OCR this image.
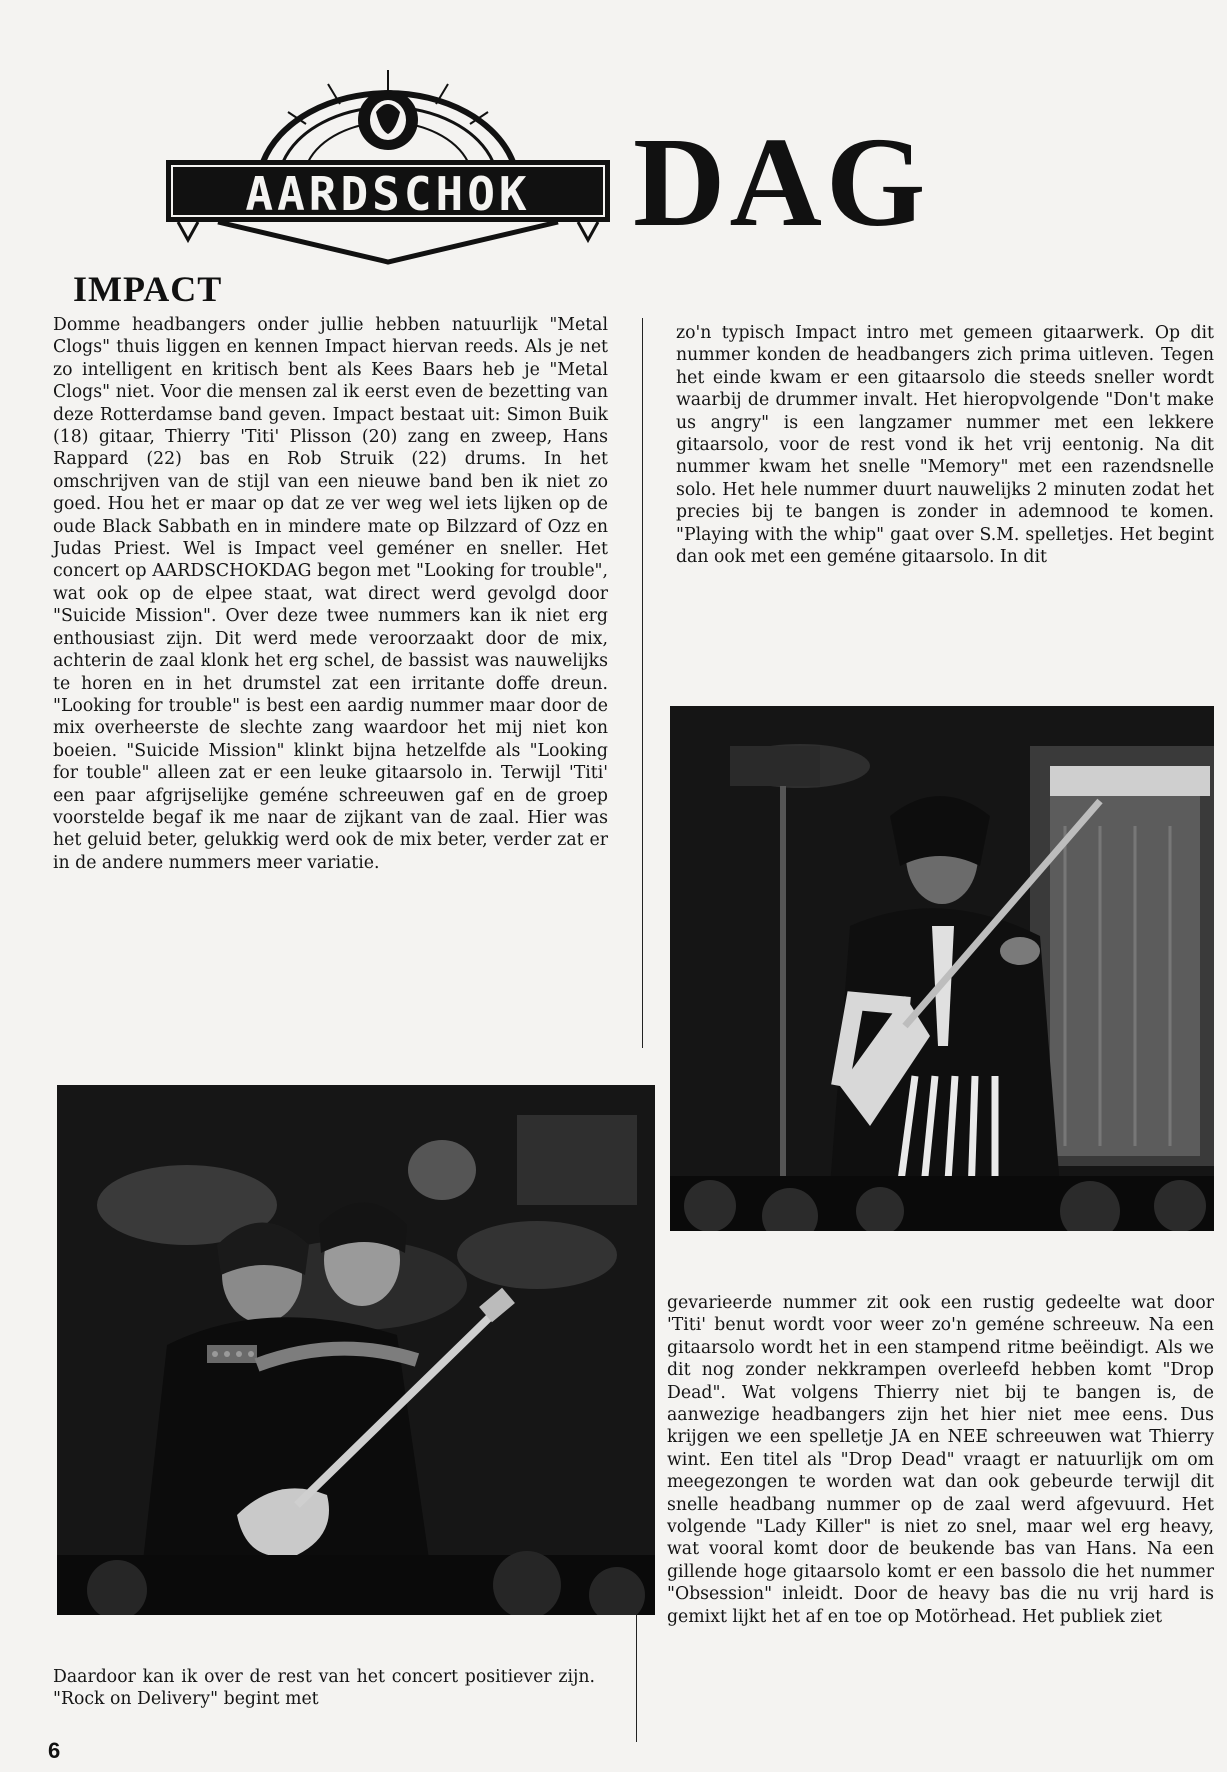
AARDSCHOK DAG
IMPACT

Domme headbangers onder jullie hebben natuurlijk "Metal Clogs" thuis liggen en kennen Impact hiervan reeds. Als je net zo intelligent en kritisch bent als Kees Baars heb je "Metal Clogs" niet. Voor die mensen zal ik eerst even de bezetting van deze Rotterdamse band geven. Impact bestaat uit: Simon Buik (18) gitaar, Thierry 'Titi' Plisson (20) zang en zweep, Hans Rappard (22) bas en Rob Struik (22) drums. In het omschrijven van de stijl van een nieuwe band ben ik niet zo goed. Hou het er maar op dat ze ver weg wel iets lijken op de oude Black Sabbath en in mindere mate op Bilzzard of Ozz en Judas Priest. Wel is Impact veel geméner en sneller. Het concert op AARDSCHOKDAG begon met "Looking for trouble", wat ook op de elpee staat, wat direct werd gevolgd door "Suicide Mission". Over deze twee nummers kan ik niet erg enthousiast zijn. Dit werd mede veroorzaakt door de mix, achterin de zaal klonk het erg schel, de bassist was nauwelijks te horen en in het drumstel zat een irritante doffe dreun. "Looking for trouble" is best een aardig nummer maar door de mix overheerste de slechte zang waardoor het mij niet kon boeien. "Suicide Mission" klinkt bijna hetzelfde als "Looking for touble" alleen zat er een leuke gitaarsolo in. Terwijl 'Titi' een paar afgrijselijke geméne schreeuwen gaf en de groep voorstelde begaf ik me naar de zijkant van de zaal. Hier was het geluid beter, gelukkig werd ook de mix beter, verder zat er in de andere nummers meer variatie.

zo'n typisch Impact intro met gemeen gitaarwerk. Op dit nummer konden de headbangers zich prima uitleven. Tegen het einde kwam er een gitaarsolo die steeds sneller wordt waarbij de drummer invalt. Het hieropvolgende "Don't make us angry" is een langzamer nummer met een lekkere gitaarsolo, voor de rest vond ik het vrij eentonig. Na dit nummer kwam het snelle "Memory" met een razendsnelle solo. Het hele nummer duurt nauwelijks 2 minuten zodat het precies bij te bangen is zonder in ademnood te komen. "Playing with the whip" gaat over S.M. spelletjes. Het begint dan ook met een geméne gitaarsolo. In dit

Daardoor kan ik over de rest van het concert positiever zijn. "Rock on Delivery" begint met

gevarieerde nummer zit ook een rustig gedeelte wat door 'Titi' benut wordt voor weer zo'n geméne schreeuw. Na een gitaarsolo wordt het in een stampend ritme beëindigt. Als we dit nog zonder nekkrampen overleefd hebben komt "Drop Dead". Wat volgens Thierry niet bij te bangen is, de aanwezige headbangers zijn het hier niet mee eens. Dus krijgen we een spelletje JA en NEE schreeuwen wat Thierry wint. Een titel als "Drop Dead" vraagt er natuurlijk om om meegezongen te worden wat dan ook gebeurde terwijl dit snelle headbang nummer op de zaal werd afgevuurd. Het volgende "Lady Killer" is niet zo snel, maar wel erg heavy, wat vooral komt door de beukende bas van Hans. Na een gillende hoge gitaarsolo komt er een bassolo die het nummer "Obsession" inleidt. Door de heavy bas die nu vrij hard is gemixt lijkt het af en toe op Motörhead. Het publiek ziet

6
